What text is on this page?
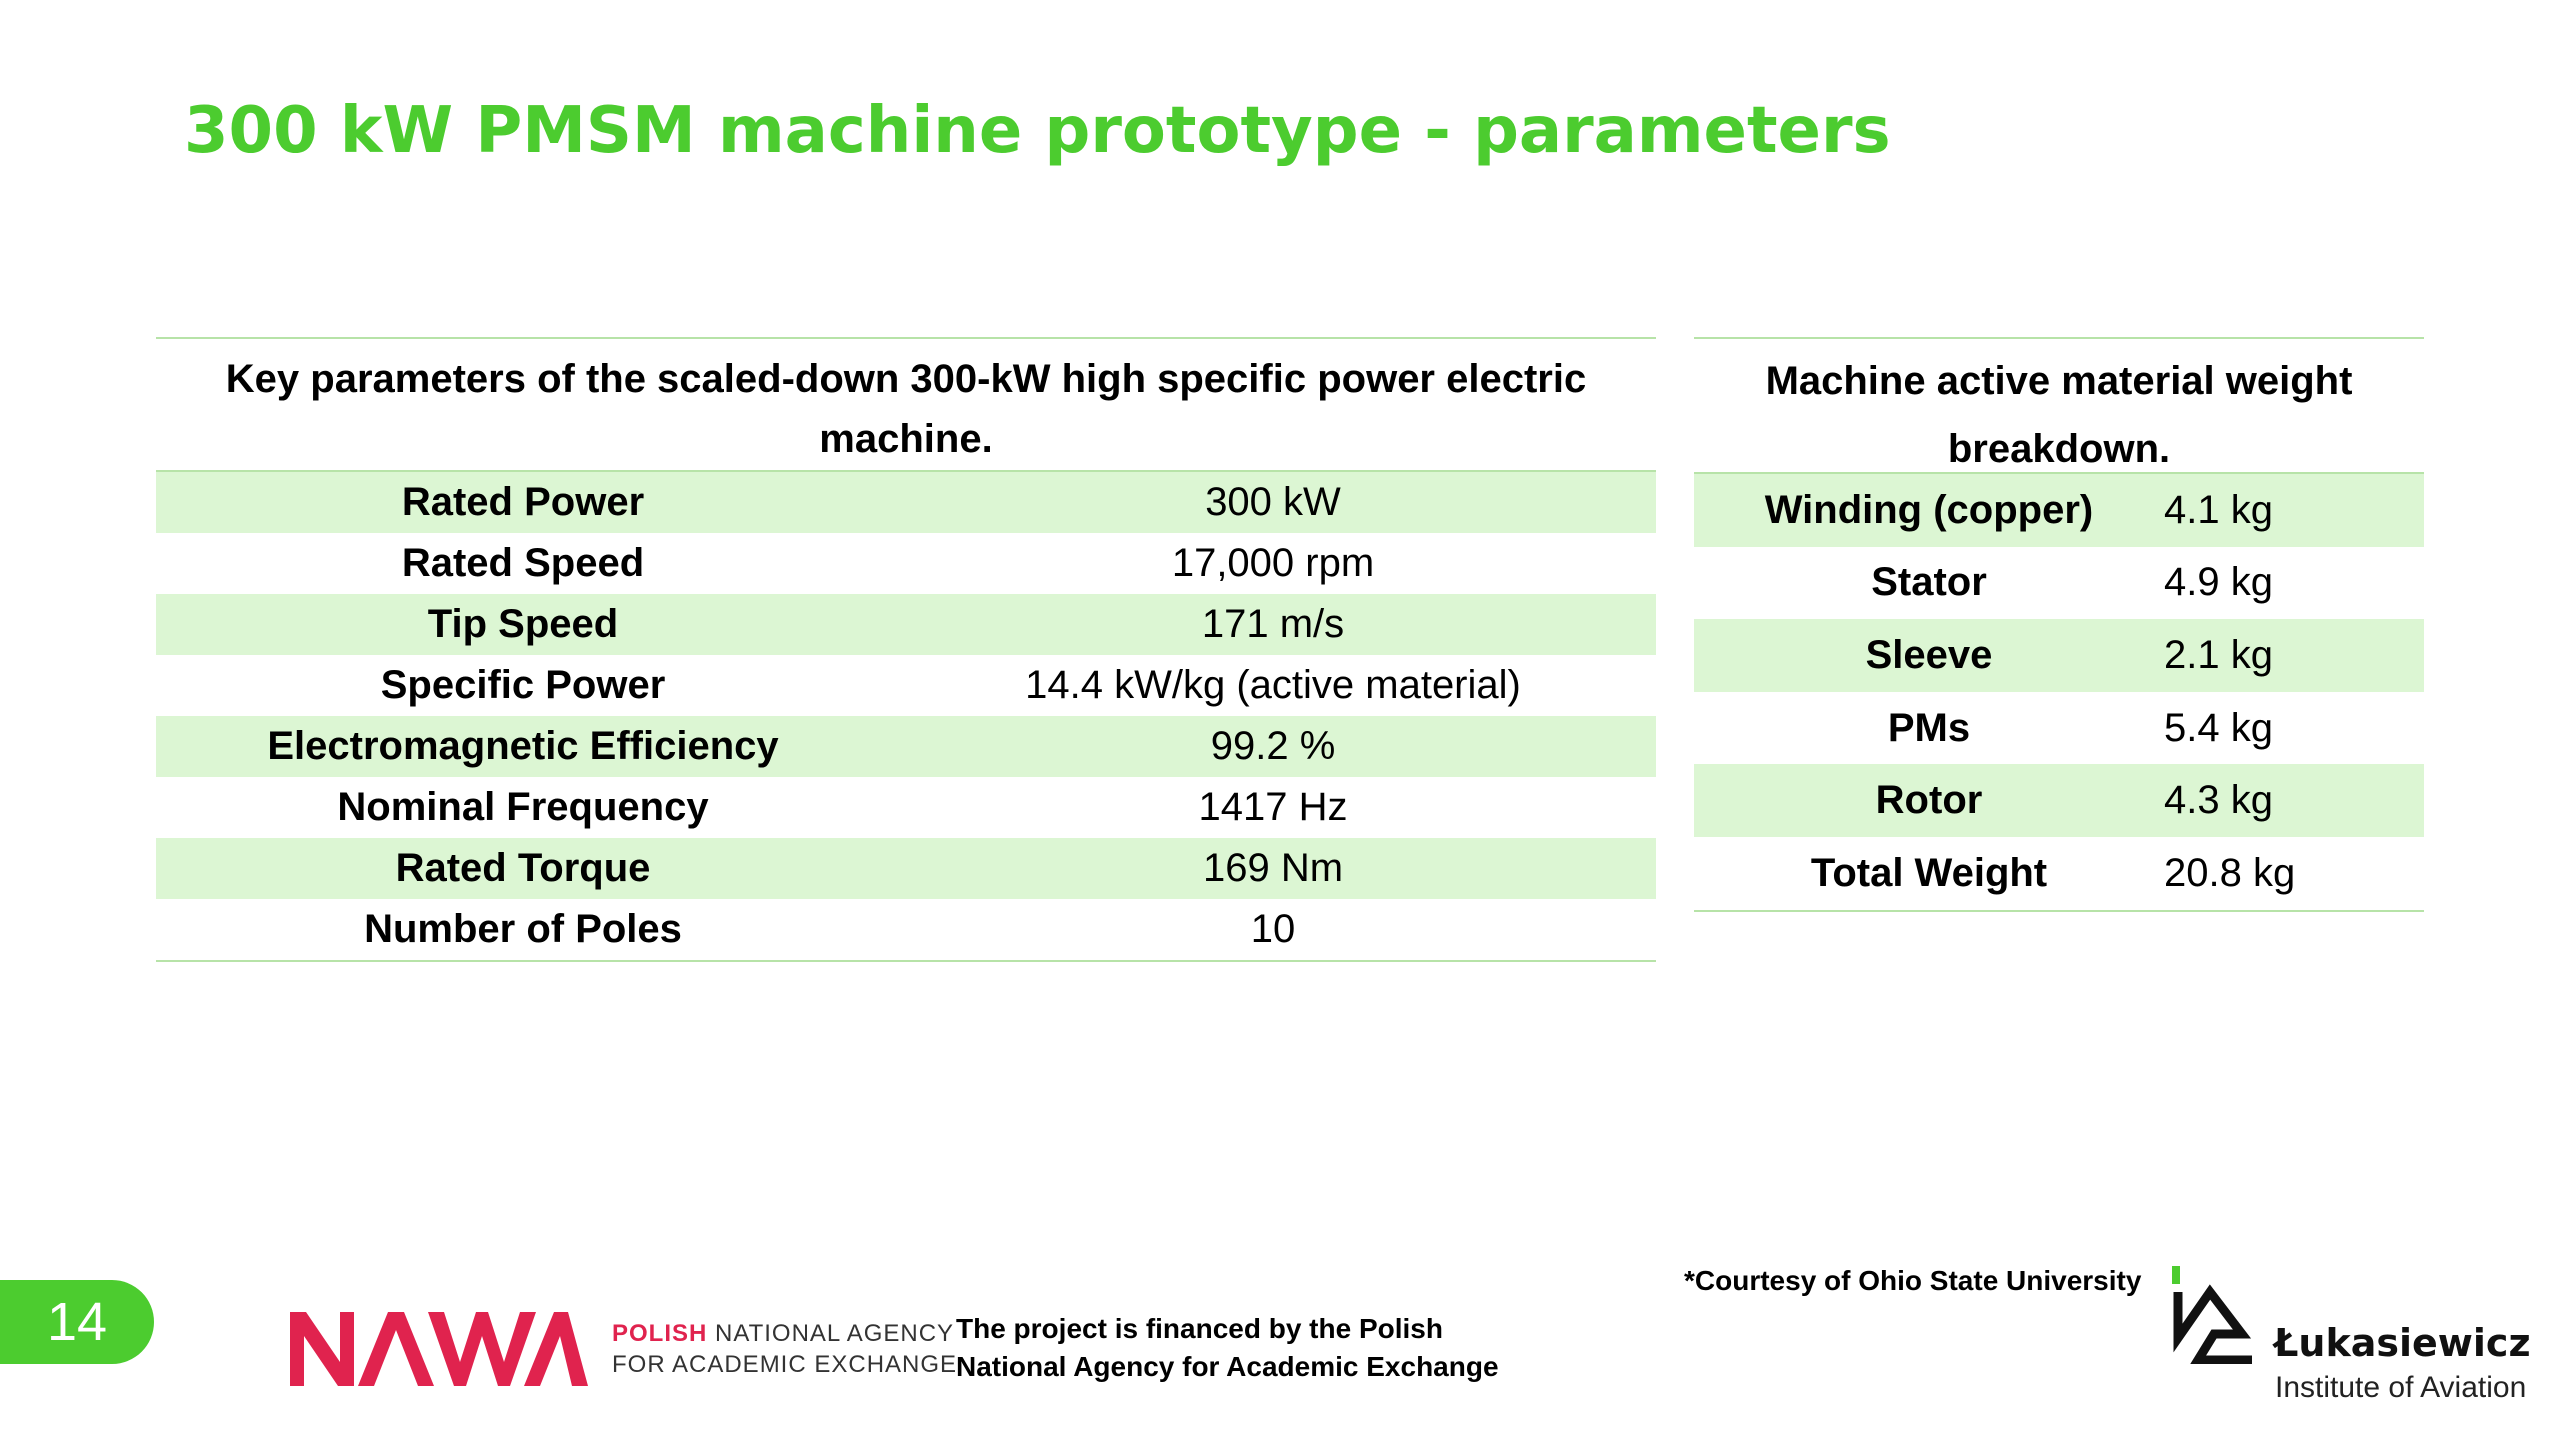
300 kW PMSM machine prototype - parameters
Key parameters of the scaled-down 300-kW high specific power electric machine.
Rated Power	300 kW
Rated Speed	17,000 rpm
Tip Speed	171 m/s
Specific Power	14.4 kW/kg (active material)
Electromagnetic Efficiency	99.2 %
Nominal Frequency	1417 Hz
Rated Torque	169 Nm
Number of Poles	10
Machine active material weight breakdown.
Winding (copper)	4.1 kg
Stator	4.9 kg
Sleeve	2.1 kg
PMs	5.4 kg
Rotor	4.3 kg
Total Weight	20.8 kg
14	POLISH NATIONAL AGENCY
FOR ACADEMIC EXCHANGE
The project is financed by the Polish
National Agency for Academic Exchange
*Courtesy of Ohio State University
Łukasiewicz
Institute of Aviation
